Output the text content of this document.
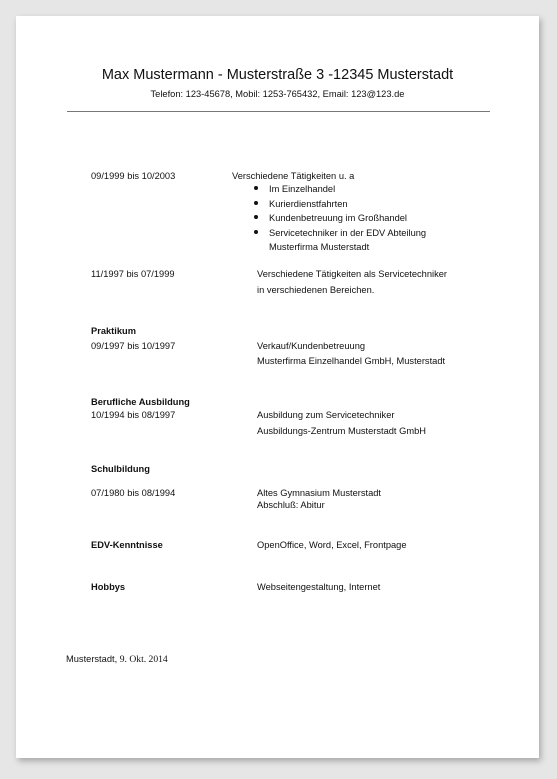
Max Mustermann - Musterstraße 3 -12345 Musterstadt
Telefon: 123-45678, Mobil: 1253-765432, Email: 123@123.de
09/1999 bis 10/2003	Verschiedene Tätigkeiten u. a
Im Einzelhandel
Kurierdienstfahrten
Kundenbetreuung im Großhandel
Servicetechniker in der EDV Abteilung
Musterfirma Musterstadt
11/1997 bis 07/1999	Verschiedene Tätigkeiten als Servicetechniker
in verschiedenen Bereichen.
Praktikum
09/1997 bis 10/1997	Verkauf/Kundenbetreuung
Musterfirma Einzelhandel GmbH, Musterstadt
Berufliche Ausbildung
10/1994 bis 08/1997	Ausbildung zum Servicetechniker
Ausbildungs-Zentrum Musterstadt GmbH
Schulbildung
07/1980 bis 08/1994	Altes Gymnasium Musterstadt
Abschluß: Abitur
EDV-Kenntnisse	OpenOffice, Word, Excel, Frontpage
Hobbys	Webseitengestaltung, Internet
Musterstadt, 9. Okt. 2014
